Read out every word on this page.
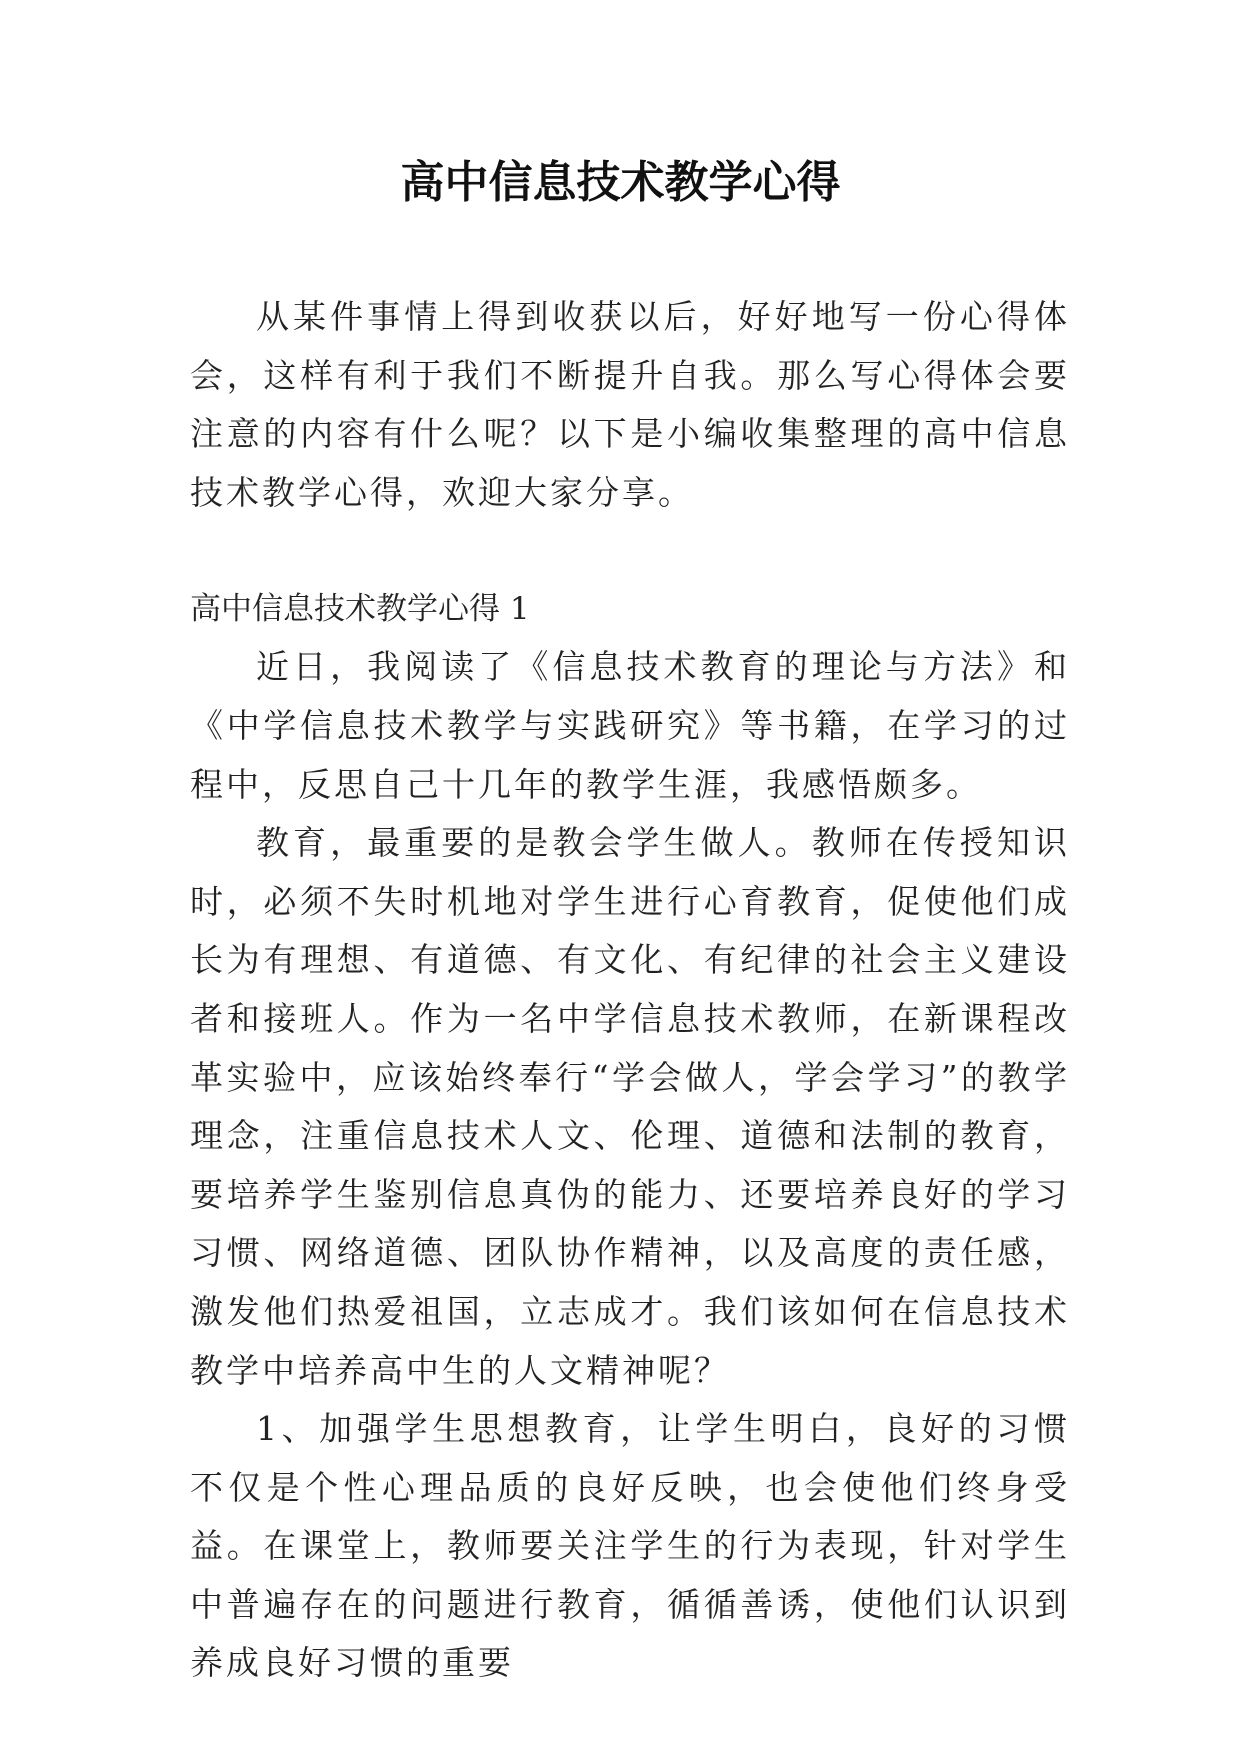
高中信息技术教学心得

从某件事情上得到收获以后，好好地写一份心得体会，这样有利于我们不断提升自我。那么写心得体会要注意的内容有什么呢？以下是小编收集整理的高中信息技术教学心得，欢迎大家分享。

高中信息技术教学心得 1

近日，我阅读了《信息技术教育的理论与方法》和《中学信息技术教学与实践研究》等书籍，在学习的过程中，反思自己十几年的教学生涯，我感悟颇多。

教育，最重要的是教会学生做人。教师在传授知识时，必须不失时机地对学生进行心育教育，促使他们成长为有理想、有道德、有文化、有纪律的社会主义建设者和接班人。作为一名中学信息技术教师，在新课程改革实验中，应该始终奉行“学会做人，学会学习”的教学理念，注重信息技术人文、伦理、道德和法制的教育，要培养学生鉴别信息真伪的能力、还要培养良好的学习习惯、网络道德、团队协作精神，以及高度的责任感，激发他们热爱祖国，立志成才。我们该如何在信息技术教学中培养高中生的人文精神呢？

1、加强学生思想教育，让学生明白，良好的习惯不仅是个性心理品质的良好反映，也会使他们终身受益。在课堂上，教师要关注学生的行为表现，针对学生中普遍存在的问题进行教育，循循善诱，使他们认识到养成良好习惯的重要
